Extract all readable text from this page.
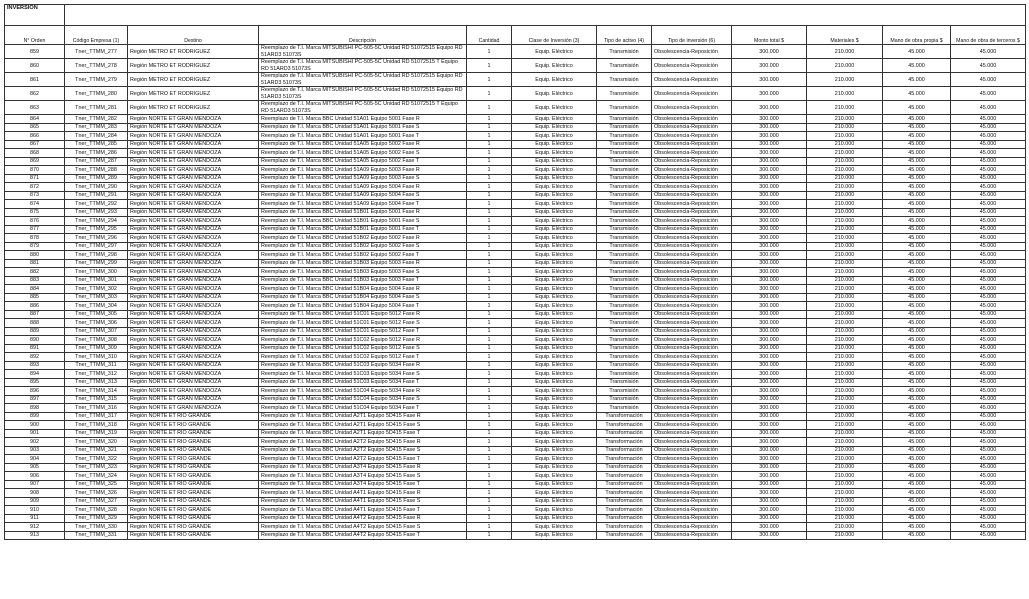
INVERSIÓN											
N° Orden	Código Empresa (1)	Destino	Descripción	Cantidad	Clase de Inversión (3)	Tipo de activo (4)	Tipo de inversión (6)	Monto total $	Materiales $	Mano de obra propia $	Mano de obra de terceros $
859	Tner_TTMM_277	Región METRO ET RODRIGUEZ	Reemplazo de T.I. Marca MITSUBISHI PC-505-5C Unidad RD 51072515 Equipo RD 51ARD3 51073S	1	Equip. Eléctrico	Transmisión	Obsolescencia-Reposición	300.000	210.000	45.000	45.000
860	Tner_TTMM_278	Región METRO ET RODRIGUEZ	Reemplazo de T.I. Marca MITSUBISHI PC-505-5C Unidad RD 51072515 T Equipo RD 51ARD3 51073S	1	Equip. Eléctrico	Transmisión	Obsolescencia-Reposición	300.000	210.000	45.000	45.000
861	Tner_TTMM_279	Región METRO ET RODRIGUEZ	Reemplazo de T.I. Marca MITSUBISHI PC-505-5C Unidad RD 51072515 Equipo RD 51ARD3 51073S	1	Equip. Eléctrico	Transmisión	Obsolescencia-Reposición	300.000	210.000	45.000	45.000
862	Tner_TTMM_280	Región METRO ET RODRIGUEZ	Reemplazo de T.I. Marca MITSUBISHI PC-505-5C Unidad RD 51072515 Equipo RD 51ARD3 51073S	1	Equip. Eléctrico	Transmisión	Obsolescencia-Reposición	300.000	210.000	45.000	45.000
863	Tner_TTMM_281	Región METRO ET RODRIGUEZ	Reemplazo de T.I. Marca MITSUBISHI PC-505-5C Unidad RD 51072515 T Equipo RD 51ARD3 51073S	1	Equip. Eléctrico	Transmisión	Obsolescencia-Reposición	300.000	210.000	45.000	45.000
864	Tner_TTMM_282	Región NORTE ET GRAN MENDOZA	Reemplazo de T.I. Marca BBC Unidad 51A01 Equipo 5001 Fase R	1	Equip. Eléctrico	Transmisión	Obsolescencia-Reposición	300.000	210.000	45.000	45.000
865	Tner_TTMM_283	Región NORTE ET GRAN MENDOZA	Reemplazo de T.I. Marca BBC Unidad 51A01 Equipo 5001 Fase S	1	Equip. Eléctrico	Transmisión	Obsolescencia-Reposición	300.000	210.000	45.000	45.000
866	Tner_TTMM_284	Región NORTE ET GRAN MENDOZA	Reemplazo de T.I. Marca BBC Unidad 51A01 Equipo 5001 Fase T	1	Equip. Eléctrico	Transmisión	Obsolescencia-Reposición	300.000	210.000	45.000	45.000
867	Tner_TTMM_285	Región NORTE ET GRAN MENDOZA	Reemplazo de T.I. Marca BBC Unidad 51A05 Equipo 5002 Fase R	1	Equip. Eléctrico	Transmisión	Obsolescencia-Reposición	300.000	210.000	45.000	45.000
868	Tner_TTMM_286	Región NORTE ET GRAN MENDOZA	Reemplazo de T.I. Marca BBC Unidad 51A05 Equipo 5002 Fase S	1	Equip. Eléctrico	Transmisión	Obsolescencia-Reposición	300.000	210.000	45.000	45.000
869	Tner_TTMM_287	Región NORTE ET GRAN MENDOZA	Reemplazo de T.I. Marca BBC Unidad 51A05 Equipo 5002 Fase T	1	Equip. Eléctrico	Transmisión	Obsolescencia-Reposición	300.000	210.000	45.000	45.000
870	Tner_TTMM_288	Región NORTE ET GRAN MENDOZA	Reemplazo de T.I. Marca BBC Unidad 51A09 Equipo 5003 Fase R	1	Equip. Eléctrico	Transmisión	Obsolescencia-Reposición	300.000	210.000	45.000	45.000
871	Tner_TTMM_289	Región NORTE ET GRAN MENDOZA	Reemplazo de T.I. Marca BBC Unidad 51A09 Equipo 5003 Fase S	1	Equip. Eléctrico	Transmisión	Obsolescencia-Reposición	300.000	210.000	45.000	45.000
872	Tner_TTMM_290	Región NORTE ET GRAN MENDOZA	Reemplazo de T.I. Marca BBC Unidad 51A09 Equipo 5004 Fase R	1	Equip. Eléctrico	Transmisión	Obsolescencia-Reposición	300.000	210.000	45.000	45.000
873	Tner_TTMM_291	Región NORTE ET GRAN MENDOZA	Reemplazo de T.I. Marca BBC Unidad 51A09 Equipo 5004 Fase S	1	Equip. Eléctrico	Transmisión	Obsolescencia-Reposición	300.000	210.000	45.000	45.000
874	Tner_TTMM_292	Región NORTE ET GRAN MENDOZA	Reemplazo de T.I. Marca BBC Unidad 51A09 Equipo 5004 Fase T	1	Equip. Eléctrico	Transmisión	Obsolescencia-Reposición	300.000	210.000	45.000	45.000
875	Tner_TTMM_293	Región NORTE ET GRAN MENDOZA	Reemplazo de T.I. Marca BBC Unidad 51B01 Equipo 5001 Fase R	1	Equip. Eléctrico	Transmisión	Obsolescencia-Reposición	300.000	210.000	45.000	45.000
876	Tner_TTMM_294	Región NORTE ET GRAN MENDOZA	Reemplazo de T.I. Marca BBC Unidad 51B01 Equipo 5001 Fase S	1	Equip. Eléctrico	Transmisión	Obsolescencia-Reposición	300.000	210.000	45.000	45.000
877	Tner_TTMM_295	Región NORTE ET GRAN MENDOZA	Reemplazo de T.I. Marca BBC Unidad 51B01 Equipo 5001 Fase T	1	Equip. Eléctrico	Transmisión	Obsolescencia-Reposición	300.000	210.000	45.000	45.000
878	Tner_TTMM_296	Región NORTE ET GRAN MENDOZA	Reemplazo de T.I. Marca BBC Unidad 51B02 Equipo 5002 Fase R	1	Equip. Eléctrico	Transmisión	Obsolescencia-Reposición	300.000	210.000	45.000	45.000
879	Tner_TTMM_297	Región NORTE ET GRAN MENDOZA	Reemplazo de T.I. Marca BBC Unidad 51B02 Equipo 5002 Fase S	1	Equip. Eléctrico	Transmisión	Obsolescencia-Reposición	300.000	210.000	45.000	45.000
880	Tner_TTMM_298	Región NORTE ET GRAN MENDOZA	Reemplazo de T.I. Marca BBC Unidad 51B02 Equipo 5002 Fase T	1	Equip. Eléctrico	Transmisión	Obsolescencia-Reposición	300.000	210.000	45.000	45.000
881	Tner_TTMM_299	Región NORTE ET GRAN MENDOZA	Reemplazo de T.I. Marca BBC Unidad 51B03 Equipo 5003 Fase R	1	Equip. Eléctrico	Transmisión	Obsolescencia-Reposición	300.000	210.000	45.000	45.000
882	Tner_TTMM_300	Región NORTE ET GRAN MENDOZA	Reemplazo de T.I. Marca BBC Unidad 51B03 Equipo 5003 Fase S	1	Equip. Eléctrico	Transmisión	Obsolescencia-Reposición	300.000	210.000	45.000	45.000
883	Tner_TTMM_301	Región NORTE ET GRAN MENDOZA	Reemplazo de T.I. Marca BBC Unidad 51B03 Equipo 5003 Fase T	1	Equip. Eléctrico	Transmisión	Obsolescencia-Reposición	300.000	210.000	45.000	45.000
884	Tner_TTMM_302	Región NORTE ET GRAN MENDOZA	Reemplazo de T.I. Marca BBC Unidad 51B04 Equipo 5004 Fase R	1	Equip. Eléctrico	Transmisión	Obsolescencia-Reposición	300.000	210.000	45.000	45.000
885	Tner_TTMM_303	Región NORTE ET GRAN MENDOZA	Reemplazo de T.I. Marca BBC Unidad 51B04 Equipo 5004 Fase S	1	Equip. Eléctrico	Transmisión	Obsolescencia-Reposición	300.000	210.000	45.000	45.000
886	Tner_TTMM_304	Región NORTE ET GRAN MENDOZA	Reemplazo de T.I. Marca BBC Unidad 51B04 Equipo 5004 Fase T	1	Equip. Eléctrico	Transmisión	Obsolescencia-Reposición	300.000	210.000	45.000	45.000
887	Tner_TTMM_305	Región NORTE ET GRAN MENDOZA	Reemplazo de T.I. Marca BBC Unidad 51C01 Equipo 5012 Fase R	1	Equip. Eléctrico	Transmisión	Obsolescencia-Reposición	300.000	210.000	45.000	45.000
888	Tner_TTMM_306	Región NORTE ET GRAN MENDOZA	Reemplazo de T.I. Marca BBC Unidad 51C01 Equipo 5012 Fase S	1	Equip. Eléctrico	Transmisión	Obsolescencia-Reposición	300.000	210.000	45.000	45.000
889	Tner_TTMM_307	Región NORTE ET GRAN MENDOZA	Reemplazo de T.I. Marca BBC Unidad 51C01 Equipo 5012 Fase T	1	Equip. Eléctrico	Transmisión	Obsolescencia-Reposición	300.000	210.000	45.000	45.000
890	Tner_TTMM_308	Región NORTE ET GRAN MENDOZA	Reemplazo de T.I. Marca BBC Unidad 51C02 Equipo 5012 Fase R	1	Equip. Eléctrico	Transmisión	Obsolescencia-Reposición	300.000	210.000	45.000	45.000
891	Tner_TTMM_309	Región NORTE ET GRAN MENDOZA	Reemplazo de T.I. Marca BBC Unidad 51C02 Equipo 5012 Fase S	1	Equip. Eléctrico	Transmisión	Obsolescencia-Reposición	300.000	210.000	45.000	45.000
892	Tner_TTMM_310	Región NORTE ET GRAN MENDOZA	Reemplazo de T.I. Marca BBC Unidad 51C02 Equipo 5012 Fase T	1	Equip. Eléctrico	Transmisión	Obsolescencia-Reposición	300.000	210.000	45.000	45.000
893	Tner_TTMM_311	Región NORTE ET GRAN MENDOZA	Reemplazo de T.I. Marca BBC Unidad 51C03 Equipo 5034 Fase R	1	Equip. Eléctrico	Transmisión	Obsolescencia-Reposición	300.000	210.000	45.000	45.000
894	Tner_TTMM_312	Región NORTE ET GRAN MENDOZA	Reemplazo de T.I. Marca BBC Unidad 51C03 Equipo 5034 Fase S	1	Equip. Eléctrico	Transmisión	Obsolescencia-Reposición	300.000	210.000	45.000	45.000
895	Tner_TTMM_313	Región NORTE ET GRAN MENDOZA	Reemplazo de T.I. Marca BBC Unidad 51C03 Equipo 5034 Fase T	1	Equip. Eléctrico	Transmisión	Obsolescencia-Reposición	300.000	210.000	45.000	45.000
896	Tner_TTMM_314	Región NORTE ET GRAN MENDOZA	Reemplazo de T.I. Marca BBC Unidad 51C04 Equipo 5034 Fase R	1	Equip. Eléctrico	Transmisión	Obsolescencia-Reposición	300.000	210.000	45.000	45.000
897	Tner_TTMM_315	Región NORTE ET GRAN MENDOZA	Reemplazo de T.I. Marca BBC Unidad 51C04 Equipo 5034 Fase S	1	Equip. Eléctrico	Transmisión	Obsolescencia-Reposición	300.000	210.000	45.000	45.000
898	Tner_TTMM_316	Región NORTE ET GRAN MENDOZA	Reemplazo de T.I. Marca BBC Unidad 51C04 Equipo 5034 Fase T	1	Equip. Eléctrico	Transmisión	Obsolescencia-Reposición	300.000	210.000	45.000	45.000
899	Tner_TTMM_317	Región NORTE ET RIO GRANDE	Reemplazo de T.I. Marca BBC Unidad A2T1 Equipo 5D415 Fase R	1	Equip. Eléctrico	Transformación	Obsolescencia-Reposición	300.000	210.000	45.000	45.000
900	Tner_TTMM_318	Región NORTE ET RIO GRANDE	Reemplazo de T.I. Marca BBC Unidad A2T1 Equipo 5D415 Fase S	1	Equip. Eléctrico	Transformación	Obsolescencia-Reposición	300.000	210.000	45.000	45.000
901	Tner_TTMM_319	Región NORTE ET RIO GRANDE	Reemplazo de T.I. Marca BBC Unidad A2T1 Equipo 5D415 Fase T	1	Equip. Eléctrico	Transformación	Obsolescencia-Reposición	300.000	210.000	45.000	45.000
902	Tner_TTMM_320	Región NORTE ET RIO GRANDE	Reemplazo de T.I. Marca BBC Unidad A2T2 Equipo 5D415 Fase R	1	Equip. Eléctrico	Transformación	Obsolescencia-Reposición	300.000	210.000	45.000	45.000
903	Tner_TTMM_321	Región NORTE ET RIO GRANDE	Reemplazo de T.I. Marca BBC Unidad A2T2 Equipo 5D415 Fase S	1	Equip. Eléctrico	Transformación	Obsolescencia-Reposición	300.000	210.000	45.000	45.000
904	Tner_TTMM_322	Región NORTE ET RIO GRANDE	Reemplazo de T.I. Marca BBC Unidad A2T2 Equipo 5D415 Fase T	1	Equip. Eléctrico	Transformación	Obsolescencia-Reposición	300.000	210.000	45.000	45.000
905	Tner_TTMM_323	Región NORTE ET RIO GRANDE	Reemplazo de T.I. Marca BBC Unidad A3T4 Equipo 5D415 Fase R	1	Equip. Eléctrico	Transformación	Obsolescencia-Reposición	300.000	210.000	45.000	45.000
906	Tner_TTMM_324	Región NORTE ET RIO GRANDE	Reemplazo de T.I. Marca BBC Unidad A3T4 Equipo 5D415 Fase S	1	Equip. Eléctrico	Transformación	Obsolescencia-Reposición	300.000	210.000	45.000	45.000
907	Tner_TTMM_325	Región NORTE ET RIO GRANDE	Reemplazo de T.I. Marca BBC Unidad A3T4 Equipo 5D415 Fase T	1	Equip. Eléctrico	Transformación	Obsolescencia-Reposición	300.000	210.000	45.000	45.000
908	Tner_TTMM_326	Región NORTE ET RIO GRANDE	Reemplazo de T.I. Marca BBC Unidad A4T1 Equipo 5D415 Fase R	1	Equip. Eléctrico	Transformación	Obsolescencia-Reposición	300.000	210.000	45.000	45.000
909	Tner_TTMM_327	Región NORTE ET RIO GRANDE	Reemplazo de T.I. Marca BBC Unidad A4T1 Equipo 5D415 Fase S	1	Equip. Eléctrico	Transformación	Obsolescencia-Reposición	300.000	210.000	45.000	45.000
910	Tner_TTMM_328	Región NORTE ET RIO GRANDE	Reemplazo de T.I. Marca BBC Unidad A4T1 Equipo 5D415 Fase T	1	Equip. Eléctrico	Transformación	Obsolescencia-Reposición	300.000	210.000	45.000	45.000
911	Tner_TTMM_329	Región NORTE ET RIO GRANDE	Reemplazo de T.I. Marca BBC Unidad A4T2 Equipo 5D415 Fase R	1	Equip. Eléctrico	Transformación	Obsolescencia-Reposición	300.000	210.000	45.000	45.000
912	Tner_TTMM_330	Región NORTE ET RIO GRANDE	Reemplazo de T.I. Marca BBC Unidad A4T2 Equipo 5D415 Fase S	1	Equip. Eléctrico	Transformación	Obsolescencia-Reposición	300.000	210.000	45.000	45.000
913	Tner_TTMM_331	Región NORTE ET RIO GRANDE	Reemplazo de T.I. Marca BBC Unidad A4T2 Equipo 5D415 Fase T	1	Equip. Eléctrico	Transformación	Obsolescencia-Reposición	300.000	210.000	45.000	45.000
